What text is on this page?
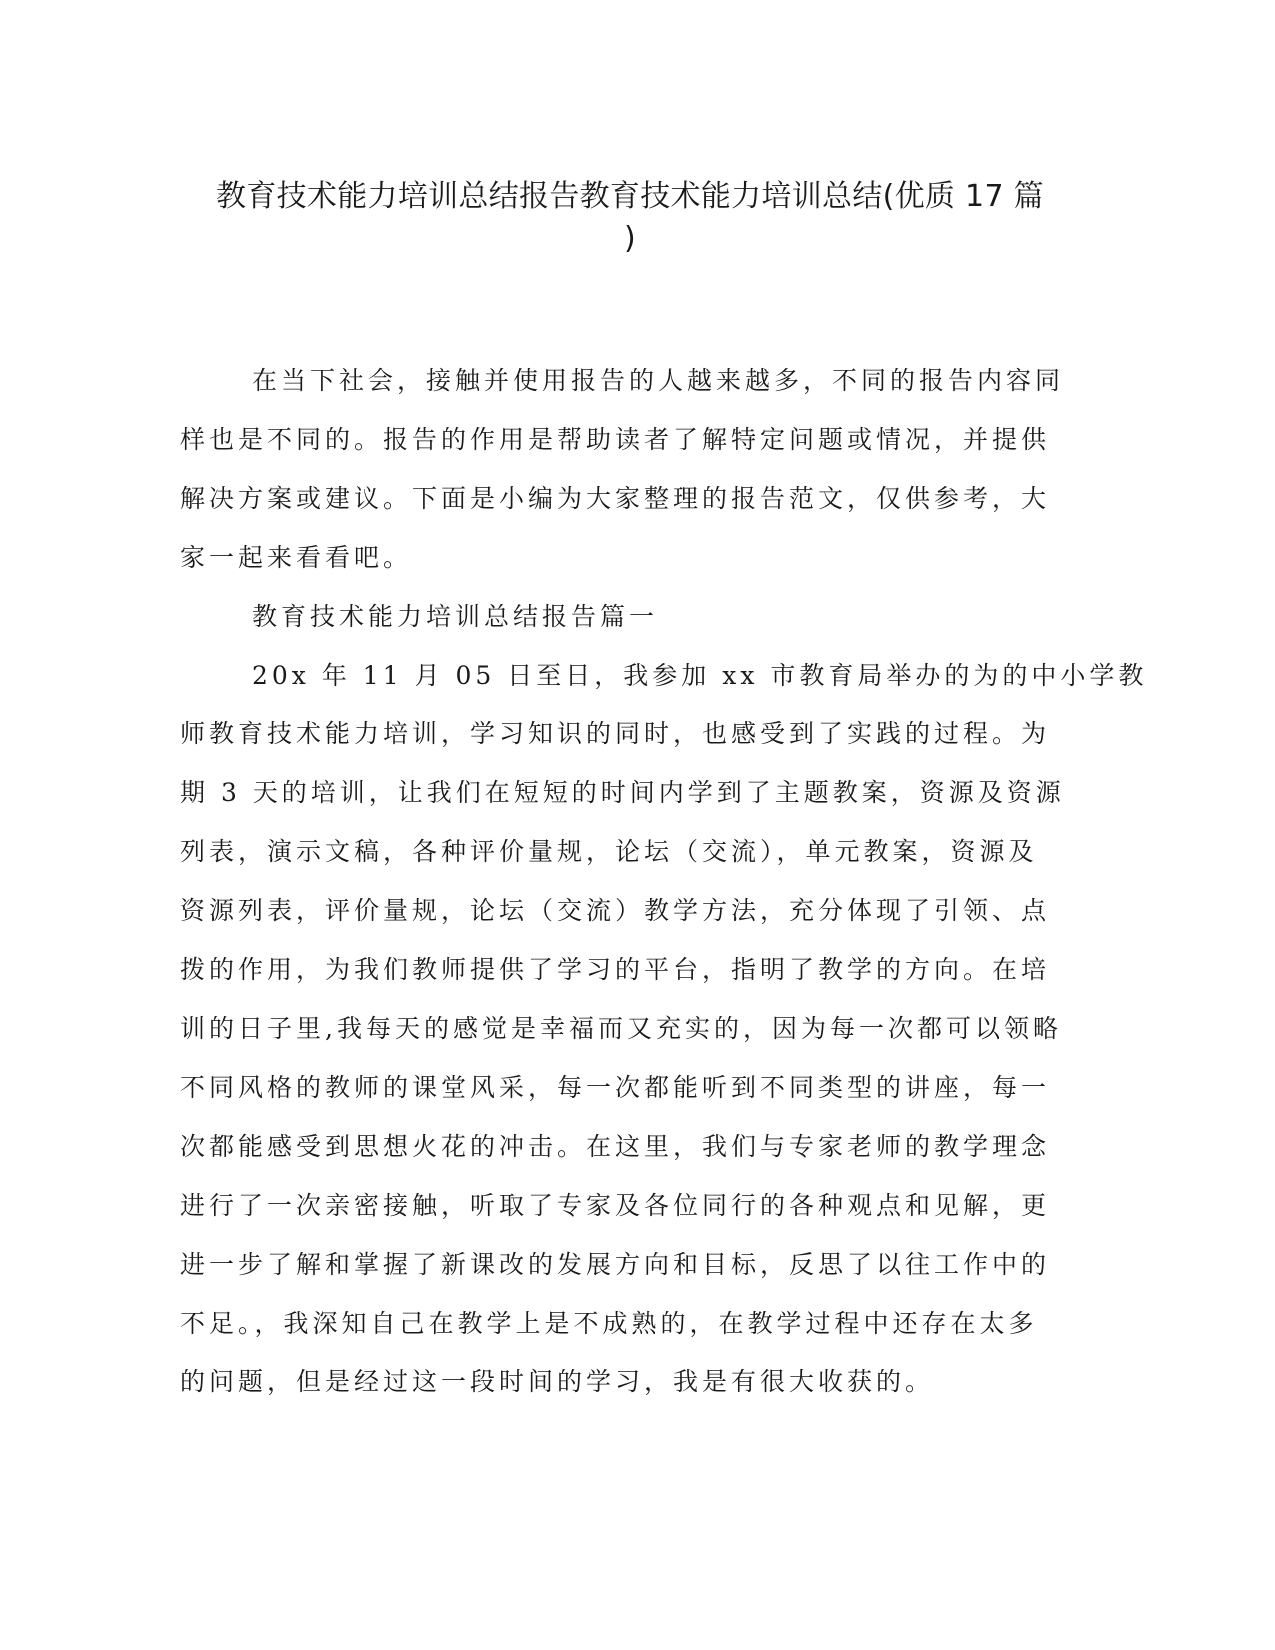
教育技术能力培训总结报告教育技术能力培训总结(优质 17 篇
)

在当下社会，接触并使用报告的人越来越多，不同的报告内容同
样也是不同的。报告的作用是帮助读者了解特定问题或情况，并提供
解决方案或建议。下面是小编为大家整理的报告范文，仅供参考，大
家一起来看看吧。

教育技术能力培训总结报告篇一

20x 年 11 月 05 日至日，我参加 xx 市教育局举办的为的中小学教
师教育技术能力培训，学习知识的同时，也感受到了实践的过程。为
期 3 天的培训，让我们在短短的时间内学到了主题教案，资源及资源
列表，演示文稿，各种评价量规，论坛（交流），单元教案，资源及
资源列表，评价量规，论坛（交流）教学方法，充分体现了引领、点
拨的作用，为我们教师提供了学习的平台，指明了教学的方向。在培
训的日子里,我每天的感觉是幸福而又充实的，因为每一次都可以领略
不同风格的教师的课堂风采，每一次都能听到不同类型的讲座，每一
次都能感受到思想火花的冲击。在这里，我们与专家老师的教学理念
进行了一次亲密接触，听取了专家及各位同行的各种观点和见解，更
进一步了解和掌握了新课改的发展方向和目标，反思了以往工作中的
不足。，我深知自己在教学上是不成熟的，在教学过程中还存在太多
的问题，但是经过这一段时间的学习，我是有很大收获的。
